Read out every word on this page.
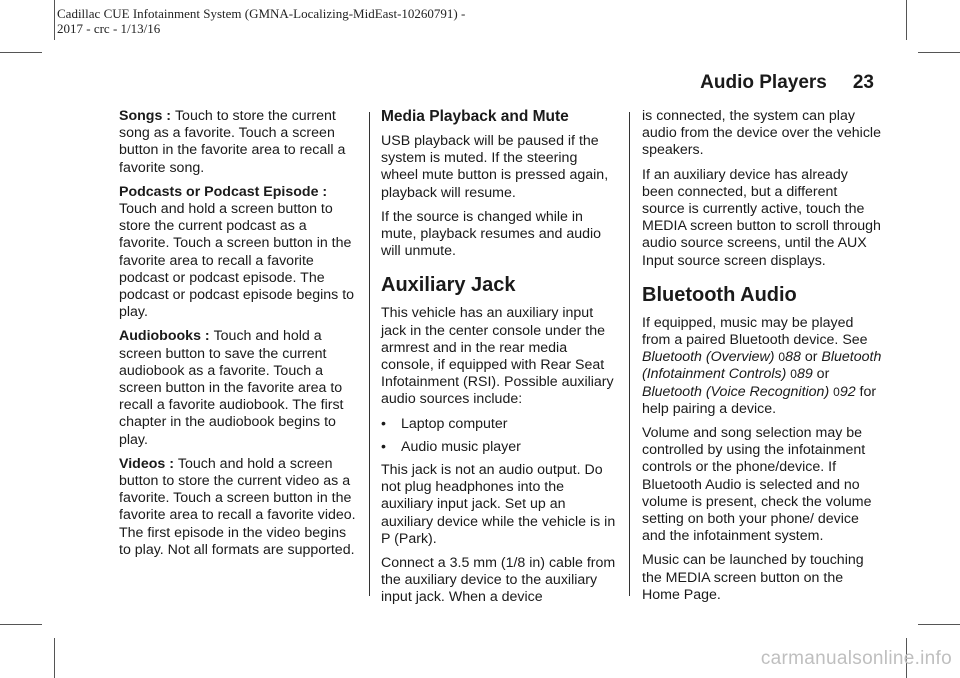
Cadillac CUE Infotainment System (GMNA-Localizing-MidEast-10260791) -
2017 - crc - 1/13/16
Audio Players 23

Songs : Touch to store the current song as a favorite. Touch a screen button in the favorite area to recall a favorite song.

Podcasts or Podcast Episode :
Touch and hold a screen button to store the current podcast as a favorite. Touch a screen button in the favorite area to recall a favorite podcast or podcast episode. The podcast or podcast episode begins to play.

Audiobooks : Touch and hold a screen button to save the current audiobook as a favorite. Touch a screen button in the favorite area to recall a favorite audiobook. The first chapter in the audiobook begins to play.

Videos : Touch and hold a screen button to store the current video as a favorite. Touch a screen button in the favorite area to recall a favorite video. The first episode in the video begins to play. Not all formats are supported.

Media Playback and Mute

USB playback will be paused if the system is muted. If the steering wheel mute button is pressed again, playback will resume.

If the source is changed while in mute, playback resumes and audio will unmute.

Auxiliary Jack

This vehicle has an auxiliary input jack in the center console under the armrest and in the rear media console, if equipped with Rear Seat Infotainment (RSI). Possible auxiliary audio sources include:

• Laptop computer

• Audio music player

This jack is not an audio output. Do not plug headphones into the auxiliary input jack. Set up an auxiliary device while the vehicle is in P (Park).

Connect a 3.5 mm (1/8 in) cable from the auxiliary device to the auxiliary input jack. When a device

is connected, the system can play audio from the device over the vehicle speakers.

If an auxiliary device has already been connected, but a different source is currently active, touch the MEDIA screen button to scroll through audio source screens, until the AUX Input source screen displays.

Bluetooth Audio

If equipped, music may be played from a paired Bluetooth device. See Bluetooth (Overview) 088 or Bluetooth (Infotainment Controls) 089 or Bluetooth (Voice Recognition) 092 for help pairing a device.

Volume and song selection may be controlled by using the infotainment controls or the phone/device. If Bluetooth Audio is selected and no volume is present, check the volume setting on both your phone/ device and the infotainment system.

Music can be launched by touching the MEDIA screen button on the Home Page.

carmanualsonline.info
